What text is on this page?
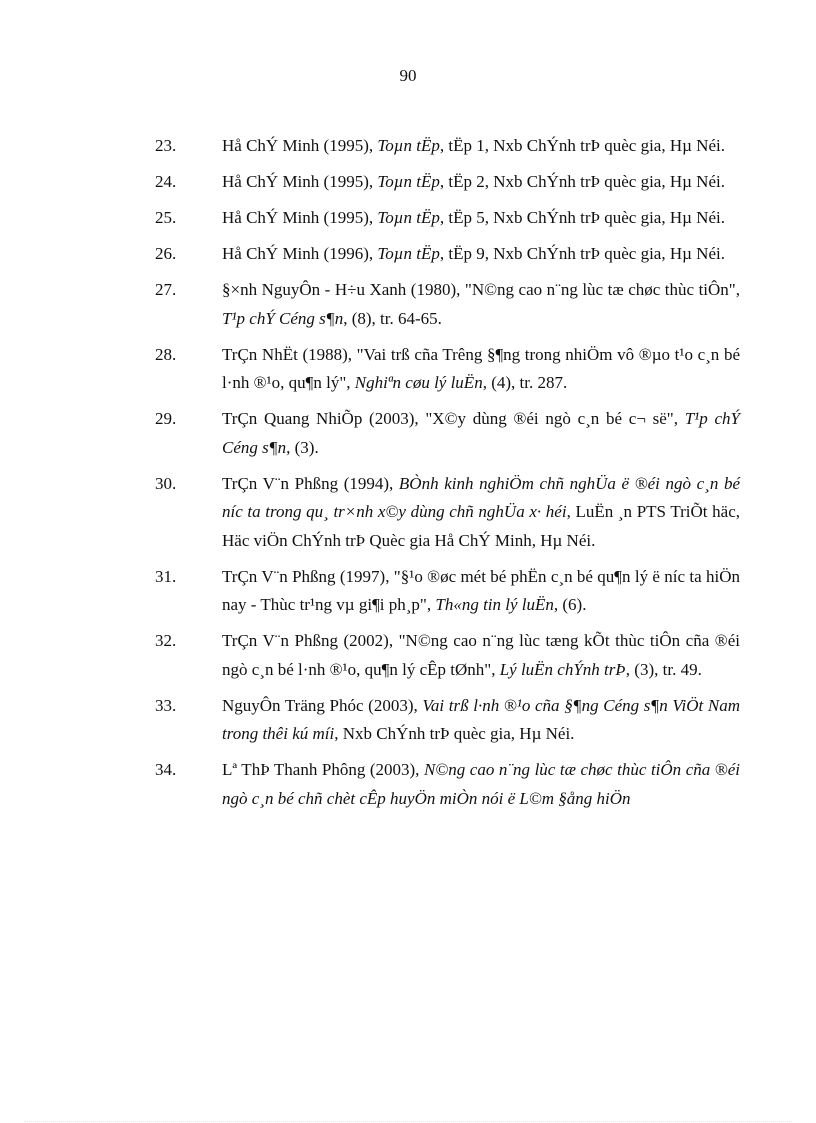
90
23.	Hå ChÝ Minh (1995), Toµn tËp, tËp 1, Nxb ChÝnh trÞ quèc gia, Hµ Néi.
24.	Hå ChÝ Minh (1995), Toµn tËp, tËp 2, Nxb ChÝnh trÞ quèc gia, Hµ Néi.
25.	Hå ChÝ Minh (1995), Toµn tËp, tËp 5, Nxb ChÝnh trÞ quèc gia, Hµ Néi.
26.	Hå ChÝ Minh (1996), Toµn tËp, tËp 9, Nxb ChÝnh trÞ quèc gia, Hµ Néi.
27.	§×nh NguyÔn - H÷u Xanh (1980), "N©ng cao n¨ng lùc tæ chøc thùc tiÔn", T¹p chÝ Céng s¶n, (8), tr. 64-65.
28.	TrÇn NhËt (1988), "Vai trß cña Trêng §¶ng trong nhiÖm vô ®µo t¹o c¸n bé l·nh ®¹o, qu¶n lý", Nghiªn cøu lý luËn, (4), tr. 287.
29.	TrÇn Quang NhiÕp (2003), "X©y dùng ®éi ngò c¸n bé c¬ së", T¹p chÝ Céng s¶n, (3).
30.	TrÇn V¨n Phßng (1994), BÒnh kinh nghiÖm chñ nghÜa ë ®éi ngò c¸n bé níc ta trong qu¸ tr×nh x©y dùng chñ nghÜa x· héi, LuËn ¸n PTS TriÕt häc, Häc viÖn ChÝnh trÞ Quèc gia Hå ChÝ Minh, Hµ Néi.
31.	TrÇn V¨n Phßng (1997), "§¹o ®øc mét bé phËn c¸n bé qu¶n lý ë níc ta hiÖn nay - Thùc tr¹ng vµ gi¶i ph¸p", Th«ng tin lý luËn, (6).
32.	TrÇn V¨n Phßng (2002), "N©ng cao n¨ng lùc tæng kÕt thùc tiÔn cña ®éi ngò c¸n bé l·nh ®¹o, qu¶n lý cÊp tØnh", Lý luËn chÝnh trÞ, (3), tr. 49.
33.	NguyÔn Träng Phóc (2003), Vai trß l·nh ®¹o cña §¶ng Céng s¶n ViÖt Nam trong thêi kú míi, Nxb ChÝnh trÞ quèc gia, Hµ Néi.
34.	Lª ThÞ Thanh Phông (2003), N©ng cao n¨ng lùc tæ chøc thùc tiÔn cña ®éi ngò c¸n bé chñ chèt cÊp huyÖn miÒn nói ë L©m §ång hiÖn
